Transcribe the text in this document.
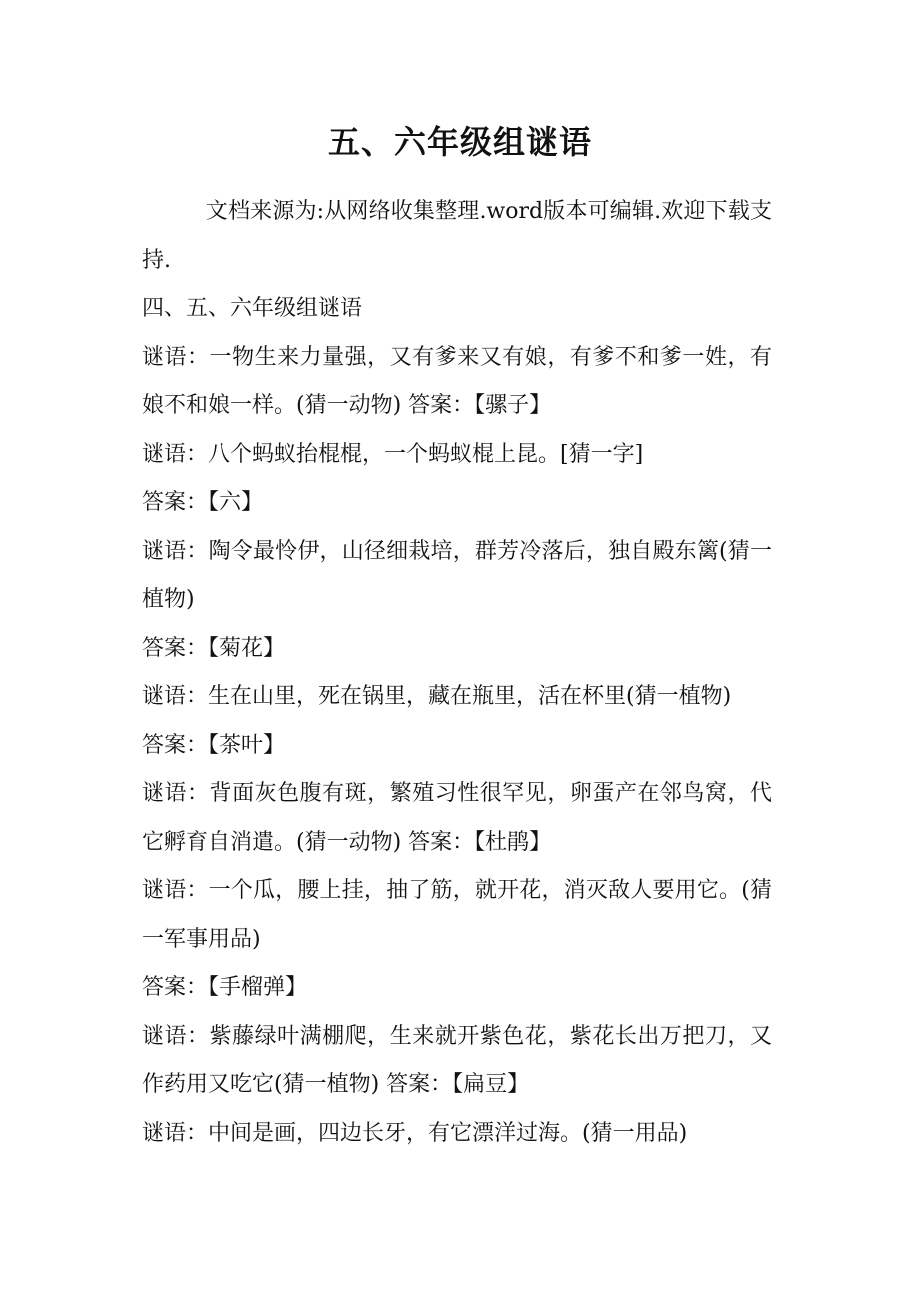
五、六年级组谜语

文档来源为:从网络收集整理.word版本可编辑.欢迎下载支持.

四、五、六年级组谜语

谜语：一物生来力量强，又有爹来又有娘，有爹不和爹一姓，有娘不和娘一样。(猜一动物) 答案：【骡子】

谜语：八个蚂蚁抬棍棍，一个蚂蚁棍上昆。[猜一字]

答案：【六】

谜语：陶令最怜伊，山径细栽培，群芳冷落后，独自殿东篱(猜一植物)

答案：【菊花】

谜语：生在山里，死在锅里，藏在瓶里，活在杯里(猜一植物)

答案：【茶叶】

谜语：背面灰色腹有斑，繁殖习性很罕见，卵蛋产在邻鸟窝，代它孵育自消遣。(猜一动物) 答案：【杜鹃】

谜语：一个瓜，腰上挂，抽了筋，就开花，消灭敌人要用它。(猜一军事用品)

答案：【手榴弹】

谜语：紫藤绿叶满棚爬，生来就开紫色花，紫花长出万把刀，又作药用又吃它(猜一植物) 答案：【扁豆】

谜语：中间是画，四边长牙，有它漂洋过海。(猜一用品)
